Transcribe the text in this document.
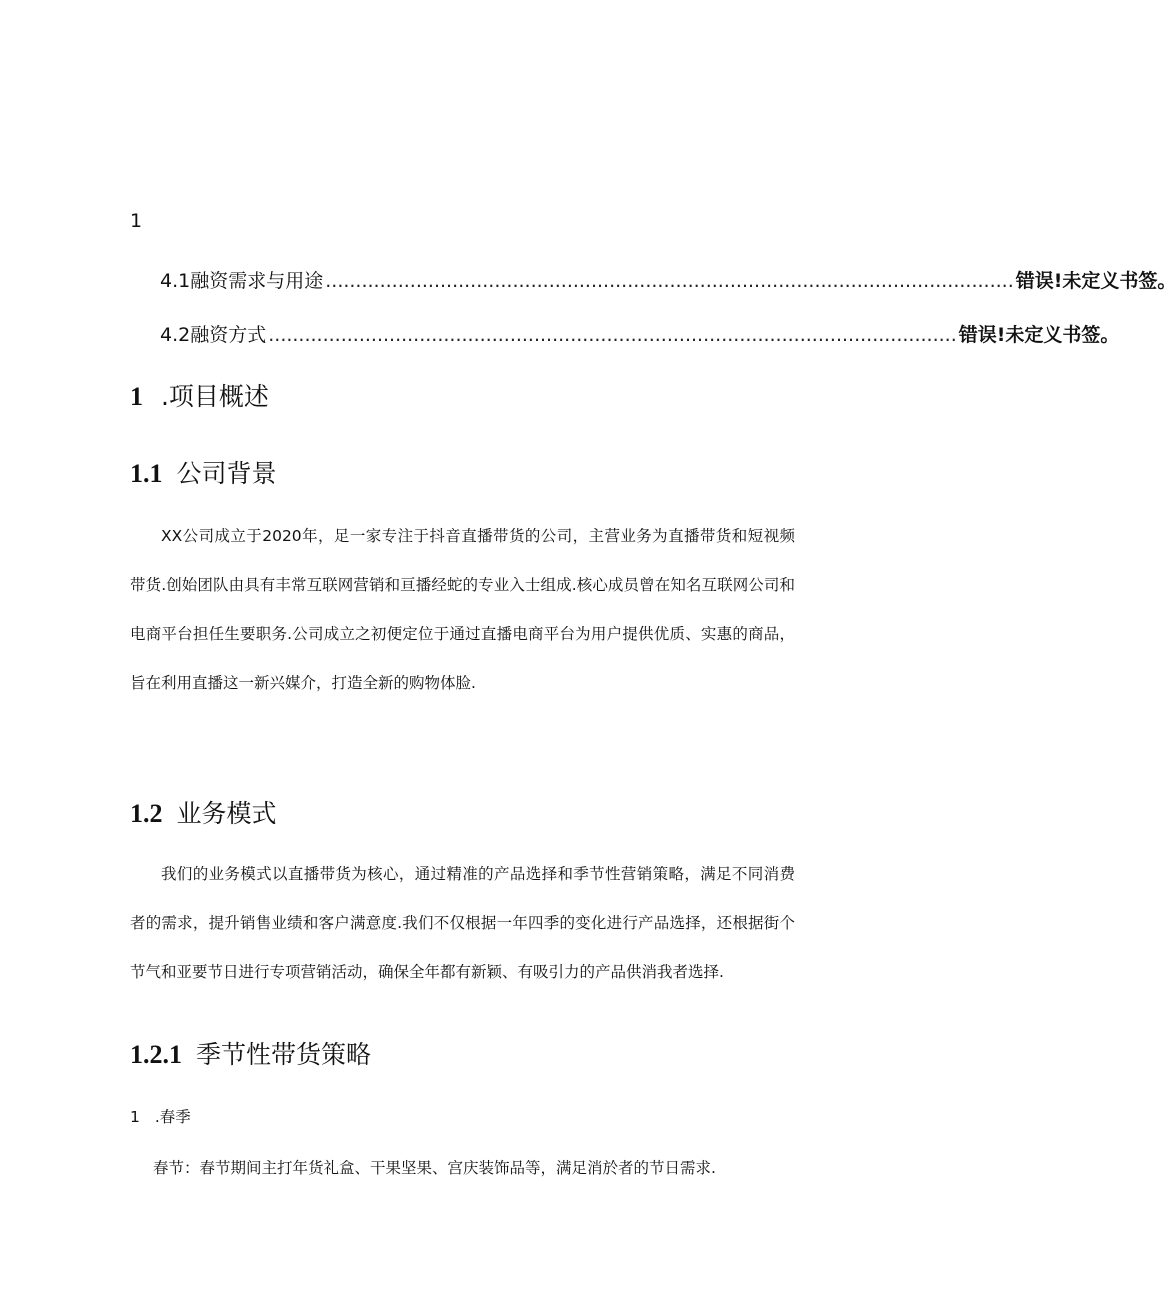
1
4.1 融资需求与用途 .................................................................................................................. 错误!未定义书签。
4.2 融资方式 .................................................................................................................. 错误!未定义书签。
1 .项目概述
1.1 公司背景
XX公司成立于2020年，足一家专注于抖音直播带货的公司，主营业务为直播带货和短视频带货.创始团队由具有丰常互联网营销和亘播经蛇的专业入士组成.核心成员曾在知名互联网公司和电商平台担任生要职务.公司成立之初便定位于通过直播电商平台为用户提供优质、实惠的商品，旨在利用直播这一新兴媒介，打造全新的购物体脸.
1.2 业务模式
我们的业务模式以直播带货为核心，通过精准的产品选择和季节性营销策略，满足不同消费者的需求，提升销售业绩和客户满意度.我们不仅根据一年四季的变化进行产品选择，还根据街个节气和亚要节日进行专项营销活动，确保全年都有新颖、有吸引力的产品供消我者选择.
1.2.1 季节性带货策略
1 .春季
春节：春节期间主打年货礼盒、干果坚果、宫庆装饰品等，满足消於者的节日需求.
